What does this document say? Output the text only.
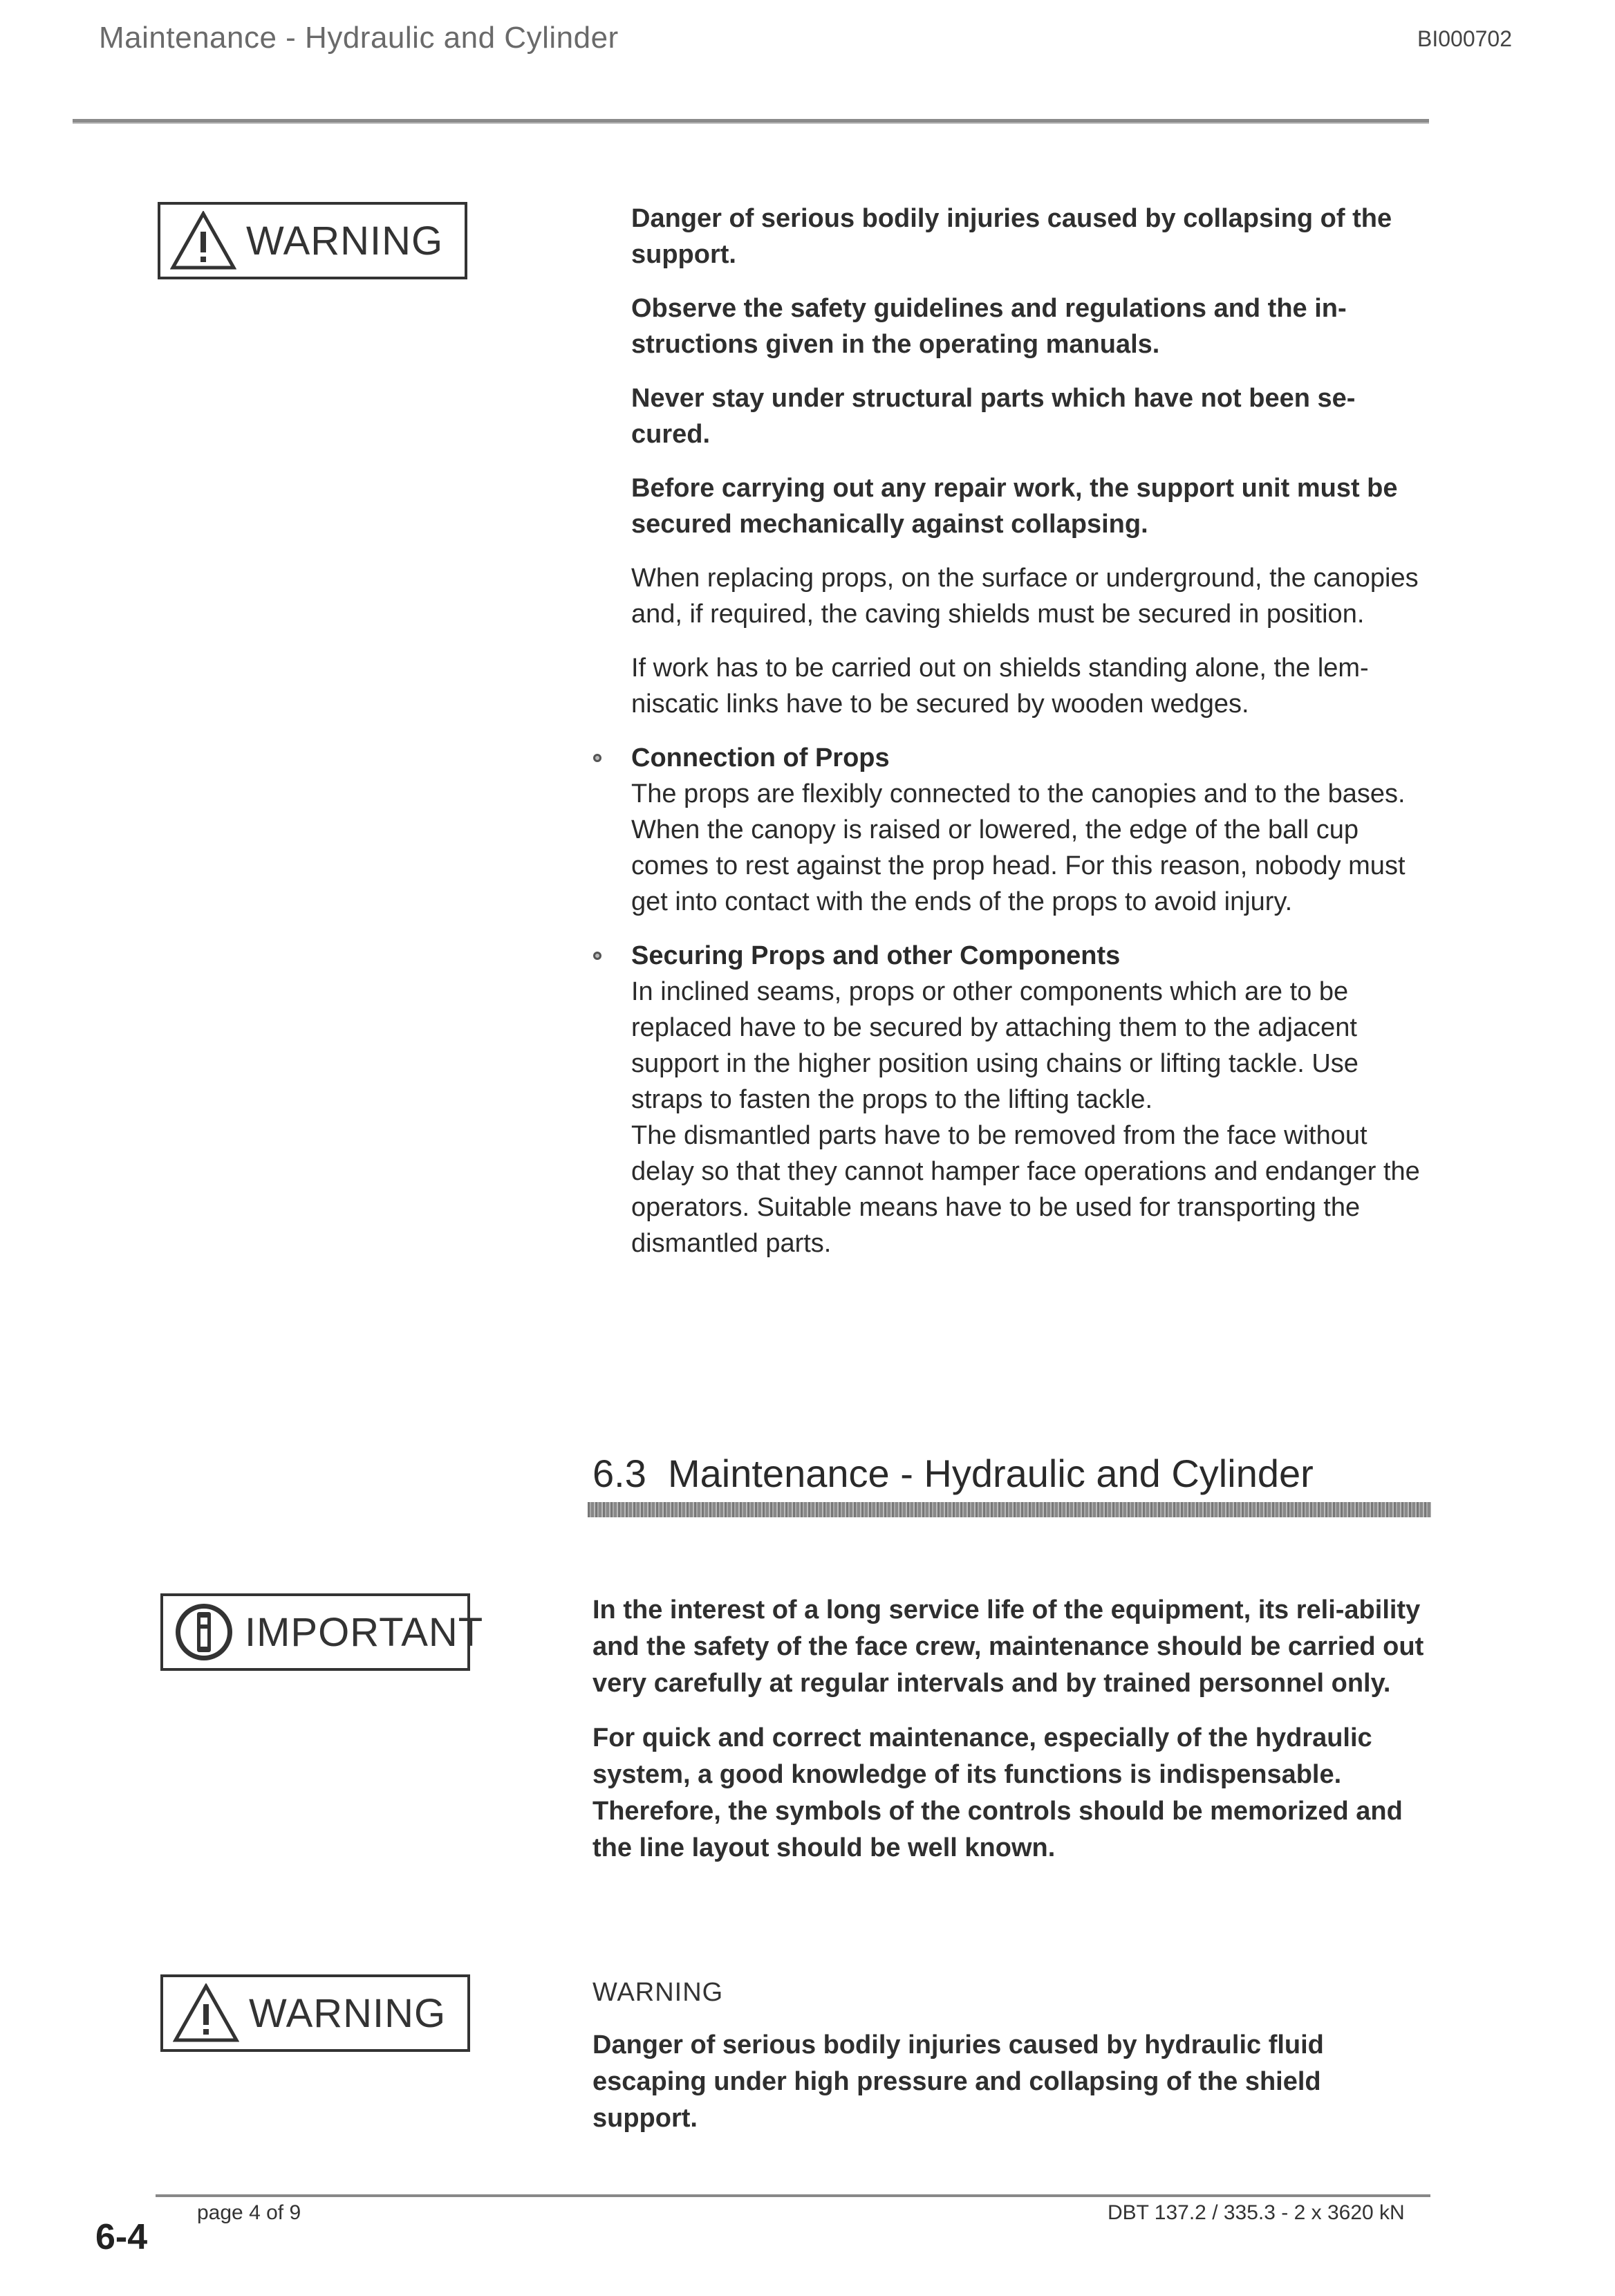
Maintenance - Hydraulic and Cylinder	BI000702
WARNING	Danger of serious bodily injuries caused by collapsing of the support.

Observe the safety guidelines and regulations and the in-structions given in the operating manuals.

Never stay under structural parts which have not been se-cured.

Before carrying out any repair work, the support unit must be secured mechanically against collapsing.

When replacing props, on the surface or underground, the canopies and, if required, the caving shields must be secured in position.

If work has to be carried out on shields standing alone, the lem-niscatic links have to be secured by wooden wedges.

Connection of Props
The props are flexibly connected to the canopies and to the bases. When the canopy is raised or lowered, the edge of the ball cup comes to rest against the prop head. For this reason, nobody must get into contact with the ends of the props to avoid injury.
Securing Props and other Components
In inclined seams, props or other components which are to be replaced have to be secured by attaching them to the adjacent support in the higher position using chains or lifting tackle. Use straps to fasten the props to the lifting tackle.
The dismantled parts have to be removed from the face without delay so that they cannot hamper face operations and endanger the operators. Suitable means have to be used for transporting the dismantled parts.
6.3 Maintenance - Hydraulic and Cylinder
IMPORTANT	In the interest of a long service life of the equipment, its reli-ability and the safety of the face crew, maintenance should be carried out very carefully at regular intervals and by trained personnel only.

For quick and correct maintenance, especially of the hydraulic system, a good knowledge of its functions is indispensable. Therefore, the symbols of the controls should be memorized and the line layout should be well known.

WARNING	WARNING
Danger of serious bodily injuries caused by hydraulic fluid escaping under high pressure and collapsing of the shield support.
page 4 of 9	DBT 137.2 / 335.3 - 2 x 3620 kN
6-4
